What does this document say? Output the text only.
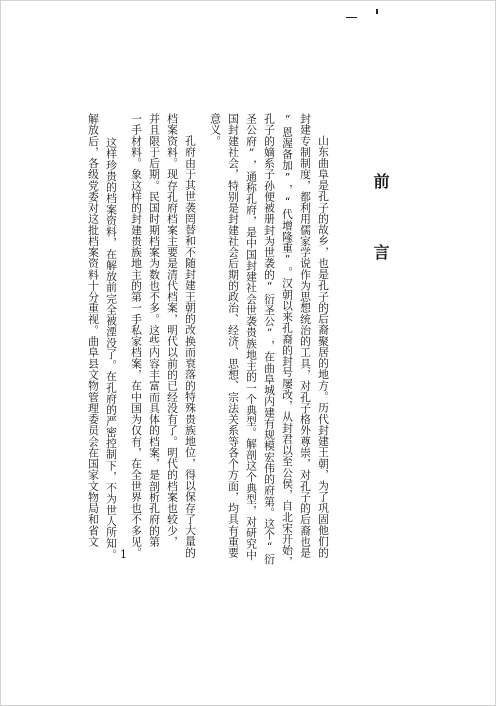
前 言
山东曲阜是孔子的故乡，也是孔子的后裔聚居的地方。历代封建王朝，为了巩固他们的
封建专制制度，都利用儒家学说作为思想统治的工具，对孔子格外尊崇，对孔子的后裔也是
“恩渥备加”，“代增隆重”。汉朝以来孔裔的封号屡改，从封君以至公侯，自北宋开始，
孔子的嫡系子孙便被册封为世袭的“衍圣公”，在曲阜城内建有规模宏伟的府第。这个“衍
圣公府”，通称孔府，是中国封建社会世袭贵族地主的一个典型。解剖这个典型，对研究中
国封建社会，特别是封建社会后期的政治、经济、思想、宗法关系等各个方面，均具有重要
意义。
孔府由于其世袭罔替和不随封建王朝的改换而衰落的特殊贵族地位，得以保存了大量的
档案资料。现存孔府档案主要是清代档案，明代以前的已经没有了。明代的档案也较少，
并且限于后期。民国时期档案为数也不多。这些内容丰富而具体的档案，是剖析孔府的第
一手材料。象这样的封建贵族地主的第一手私家档案，在中国为仅有，在全世界也不多见。
这样珍贵的档案资料，在解放前完全被湮没了。在孔府的严密控制下，不为世人所知。
解放后，各级党委对这批档案资料十分重视。曲阜县文物管理委员会在国家文物局和省文
1
